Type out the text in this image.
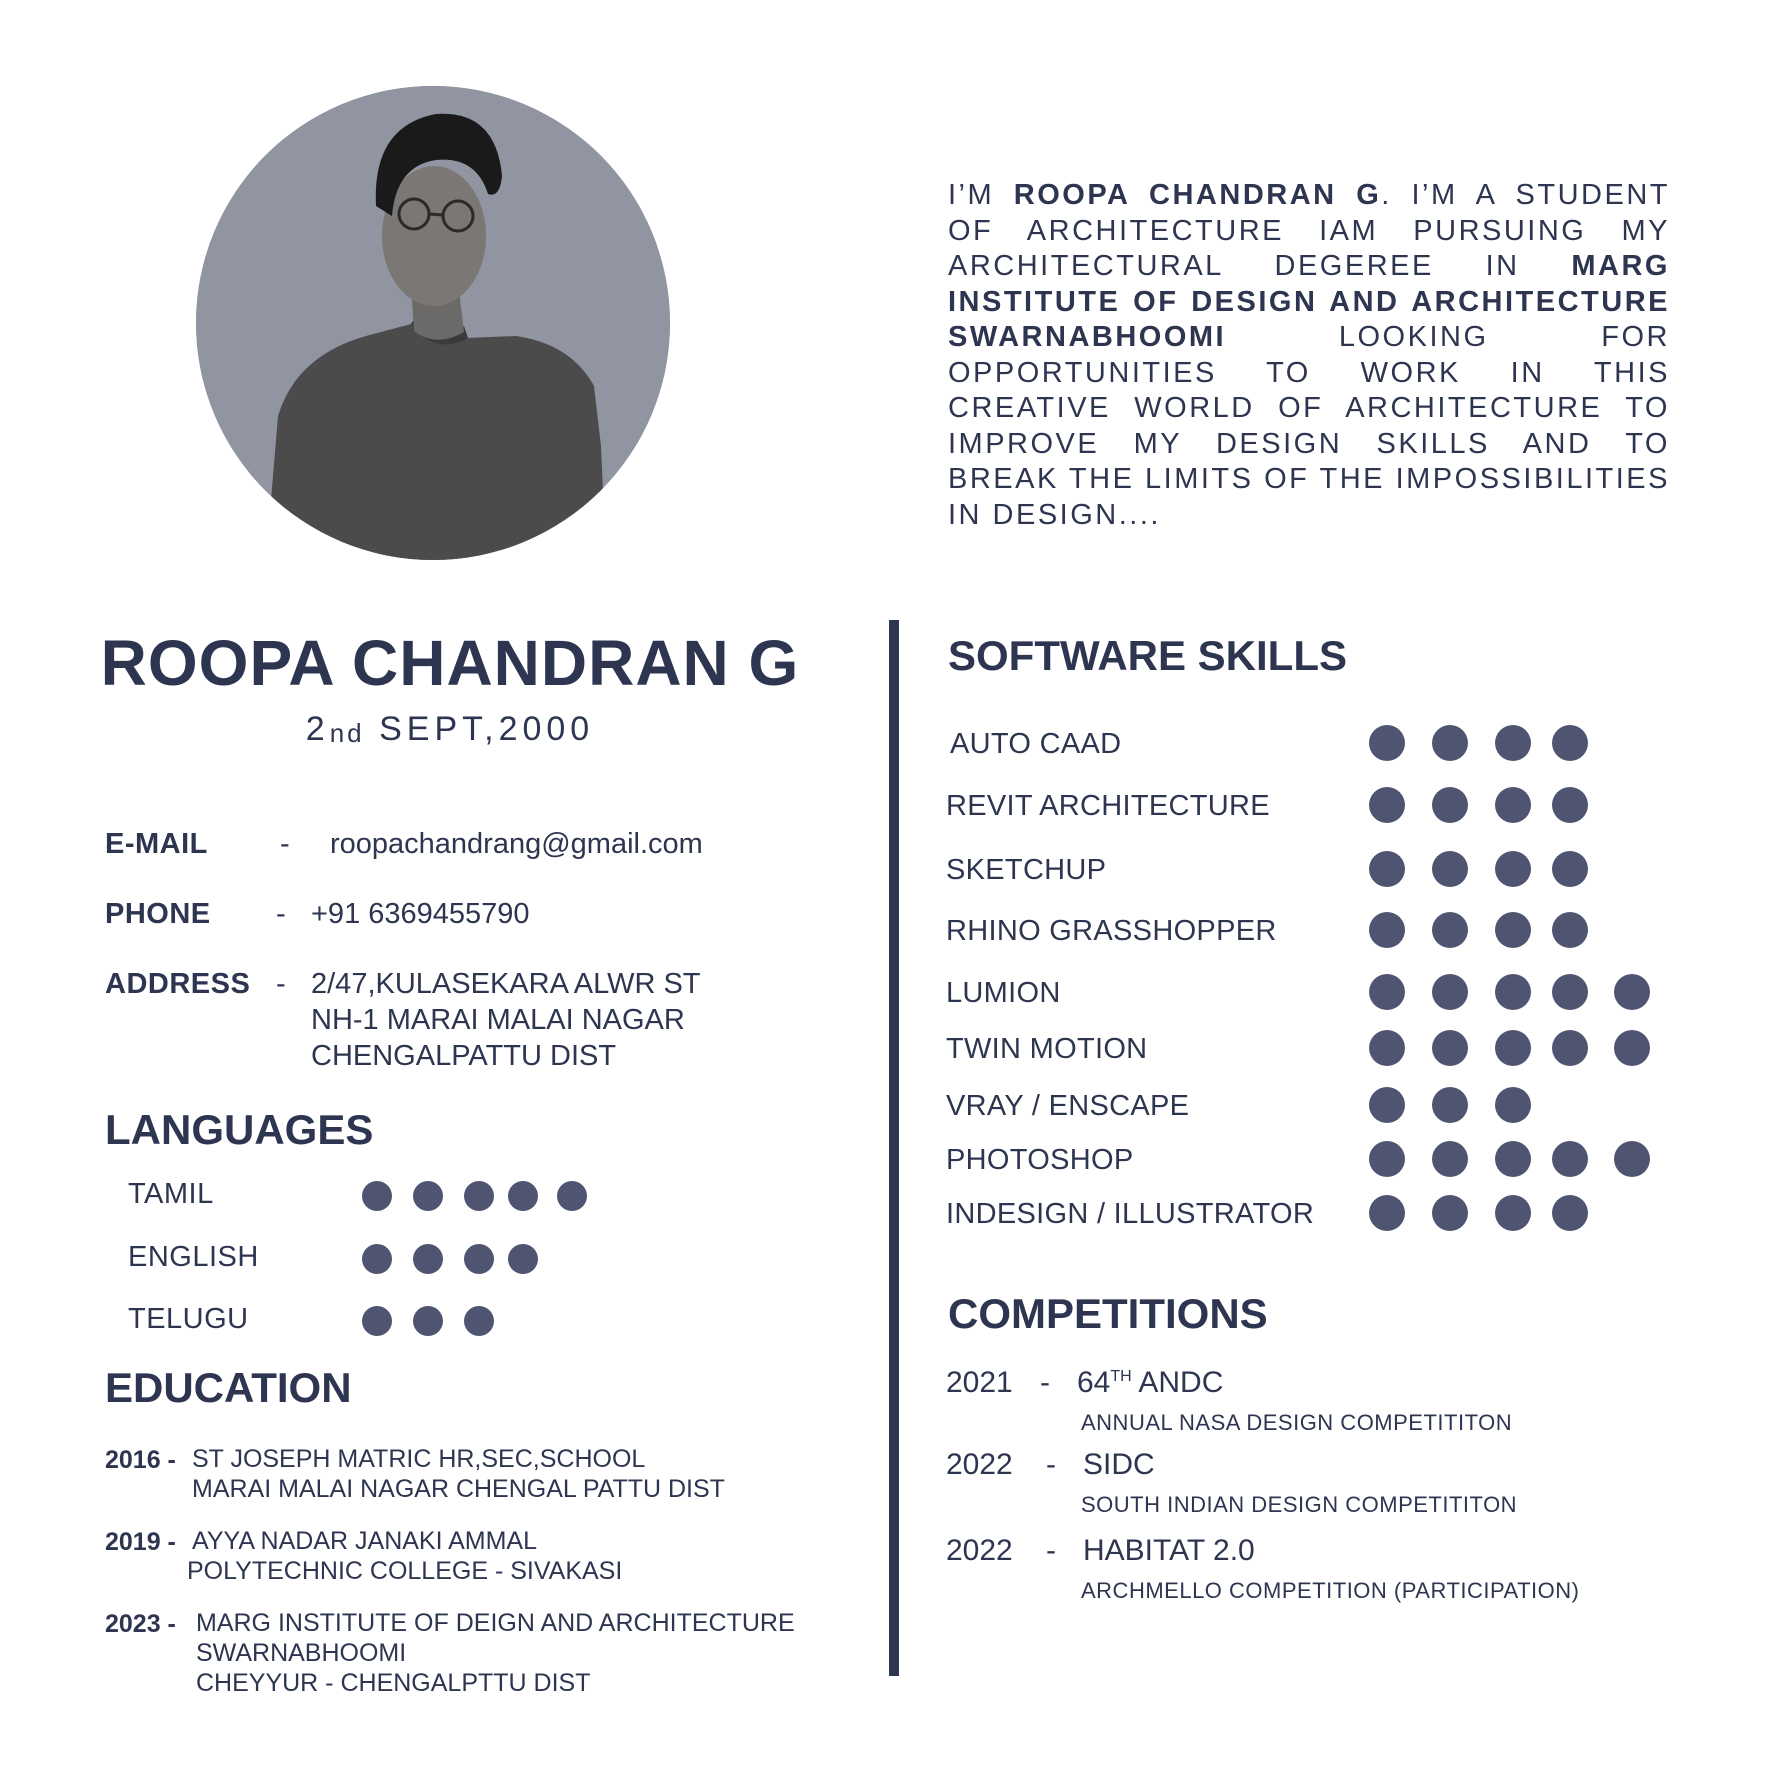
I’M ROOPA CHANDRAN G. I’M A STUDENT OF ARCHITECTURE IAM PURSUING MY ARCHITECTURAL DEGEREE IN MARG INSTITUTE OF DESIGN AND ARCHITECTURE SWARNABHOOMI LOOKING FOR OPPORTUNITIES TO WORK IN THIS CREATIVE WORLD OF ARCHITECTURE TO IMPROVE MY DESIGN SKILLS AND TO BREAK THE LIMITS OF THE IMPOSSIBILITIES IN DESIGN....
ROOPA CHANDRAN G
2nd SEPT,2000
E-MAIL - roopachandrang@gmail.com
PHONE - +91 6369455790
ADDRESS - 2/47,KULASEKARA ALWR ST
NH-1 MARAI MALAI NAGAR
CHENGALPATTU DIST
LANGUAGES
TAMIL
ENGLISH
TELUGU
EDUCATION
2016 - ST JOSEPH MATRIC HR,SEC,SCHOOL
MARAI MALAI NAGAR CHENGAL PATTU DIST
2019 - AYYA NADAR JANAKI AMMAL
POLYTECHNIC COLLEGE - SIVAKASI
2023 - MARG INSTITUTE OF DEIGN AND ARCHITECTURE
SWARNABHOOMI
CHEYYUR - CHENGALPTTU DIST
SOFTWARE SKILLS
AUTO CAAD
REVIT ARCHITECTURE
SKETCHUP
RHINO GRASSHOPPER
LUMION
TWIN MOTION
VRAY / ENSCAPE
PHOTOSHOP
INDESIGN / ILLUSTRATOR
COMPETITIONS
2021 - 64TH ANDC
ANNUAL NASA DESIGN COMPETITITON
2022 - SIDC
SOUTH INDIAN DESIGN COMPETITITON
2022 - HABITAT 2.0
ARCHMELLO COMPETITION (PARTICIPATION)
